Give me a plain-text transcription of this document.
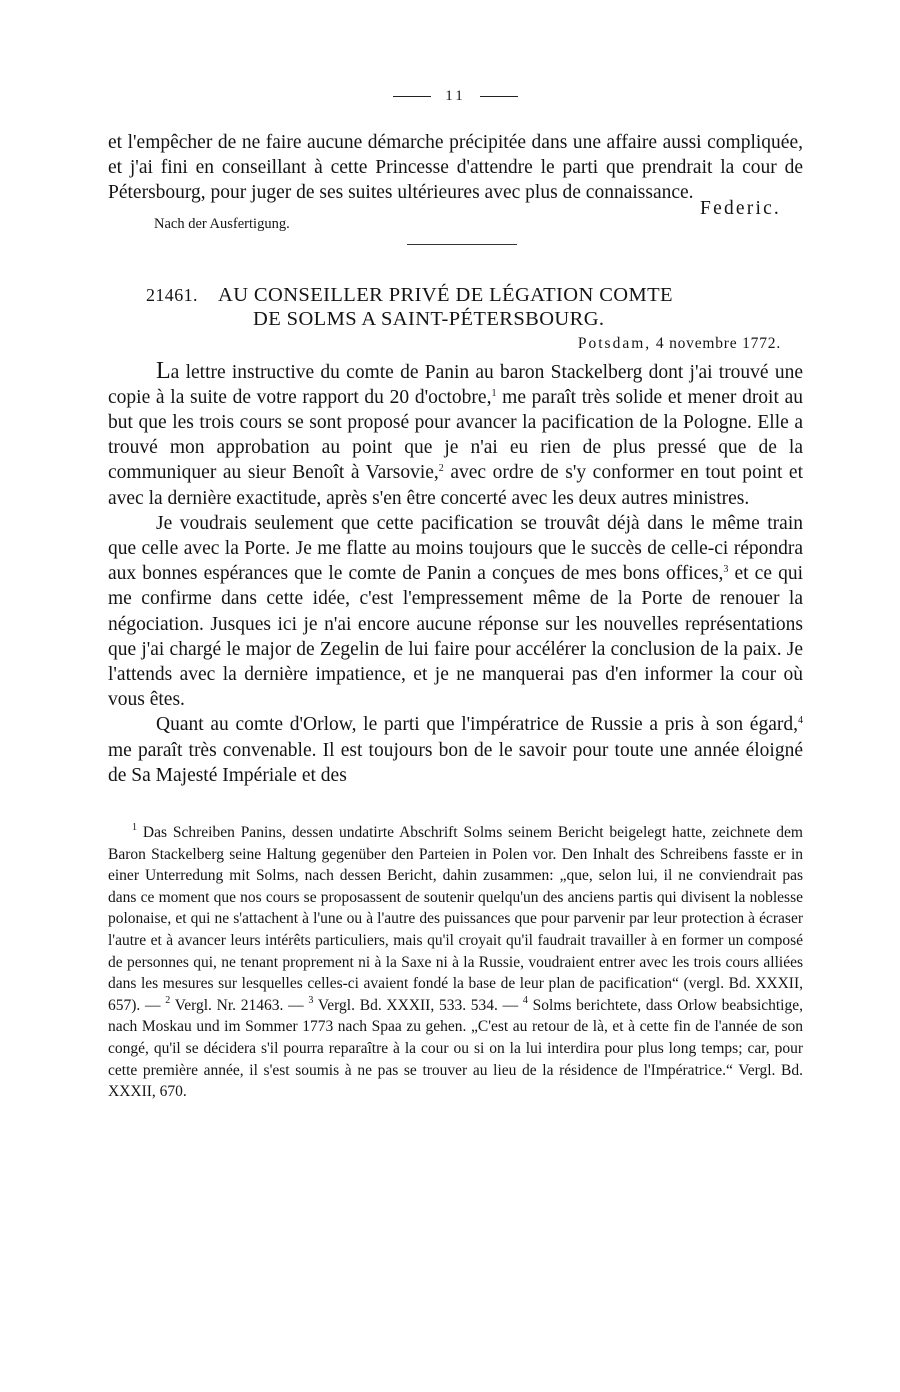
11

et l'empêcher de ne faire aucune démarche précipitée dans une affaire aussi compliquée, et j'ai fini en conseillant à cette Princesse d'attendre le parti que prendrait la cour de Pétersbourg, pour juger de ses suites ultérieures avec plus de connaissance.

Nach der Ausfertigung.
Federic.
21461. AU CONSEILLER PRIVÉ DE LÉGATION COMTE
DE SOLMS A SAINT-PÉTERSBOURG.
Potsdam, 4 novembre 1772.

La lettre instructive du comte de Panin au baron Stackelberg dont j'ai trouvé une copie à la suite de votre rapport du 20 d'octobre,$^1$ me paraît très solide et mener droit au but que les trois cours se sont proposé pour avancer la pacification de la Pologne. Elle a trouvé mon approbation au point que je n'ai eu rien de plus pressé que de la communiquer au sieur Benoît à Varsovie,$^2$ avec ordre de s'y conformer en tout point et avec la dernière exactitude, après s'en être concerté avec les deux autres ministres.

Je voudrais seulement que cette pacification se trouvât déjà dans le même train que celle avec la Porte. Je me flatte au moins toujours que le succès de celle-ci répondra aux bonnes espérances que le comte de Panin a conçues de mes bons offices,$^3$ et ce qui me confirme dans cette idée, c'est l'empressement même de la Porte de renouer la négociation. Jusques ici je n'ai encore aucune réponse sur les nouvelles représentations que j'ai chargé le major de Zegelin de lui faire pour accélérer la conclusion de la paix. Je l'attends avec la dernière impatience, et je ne manquerai pas d'en informer la cour où vous êtes.

Quant au comte d'Orlow, le parti que l'impératrice de Russie a pris à son égard,$^4$ me paraît très convenable. Il est toujours bon de le savoir pour toute une année éloigné de Sa Majesté Impériale et des

$^1$ Das Schreiben Panins, dessen undatirte Abschrift Solms seinem Bericht beigelegt hatte, zeichnete dem Baron Stackelberg seine Haltung gegenüber den Parteien in Polen vor. Den Inhalt des Schreibens fasste er in einer Unterredung mit Solms, nach dessen Bericht, dahin zusammen: „que, selon lui, il ne conviendrait pas dans ce moment que nos cours se proposassent de soutenir quelqu'un des anciens partis qui divisent la noblesse polonaise, et qui ne s'attachent à l'une ou à l'autre des puissances que pour parvenir par leur protection à écraser l'autre et à avancer leurs intérêts particuliers, mais qu'il croyait qu'il faudrait travailler à en former un composé de personnes qui, ne tenant proprement ni à la Saxe ni à la Russie, voudraient entrer avec les trois cours alliées dans les mesures sur lesquelles celles-ci avaient fondé la base de leur plan de pacification“ (vergl. Bd. XXXII, 657). — $^2$ Vergl. Nr. 21463. — $^3$ Vergl. Bd. XXXII, 533. 534. — $^4$ Solms berichtete, dass Orlow beabsichtige, nach Moskau und im Sommer 1773 nach Spaa zu gehen. „C'est au retour de là, et à cette fin de l'année de son congé, qu'il se décidera s'il pourra reparaître à la cour ou si on la lui interdira pour plus long temps; car, pour cette première année, il s'est soumis à ne pas se trouver au lieu de la résidence de l'Impératrice.“ Vergl. Bd. XXXII, 670.
